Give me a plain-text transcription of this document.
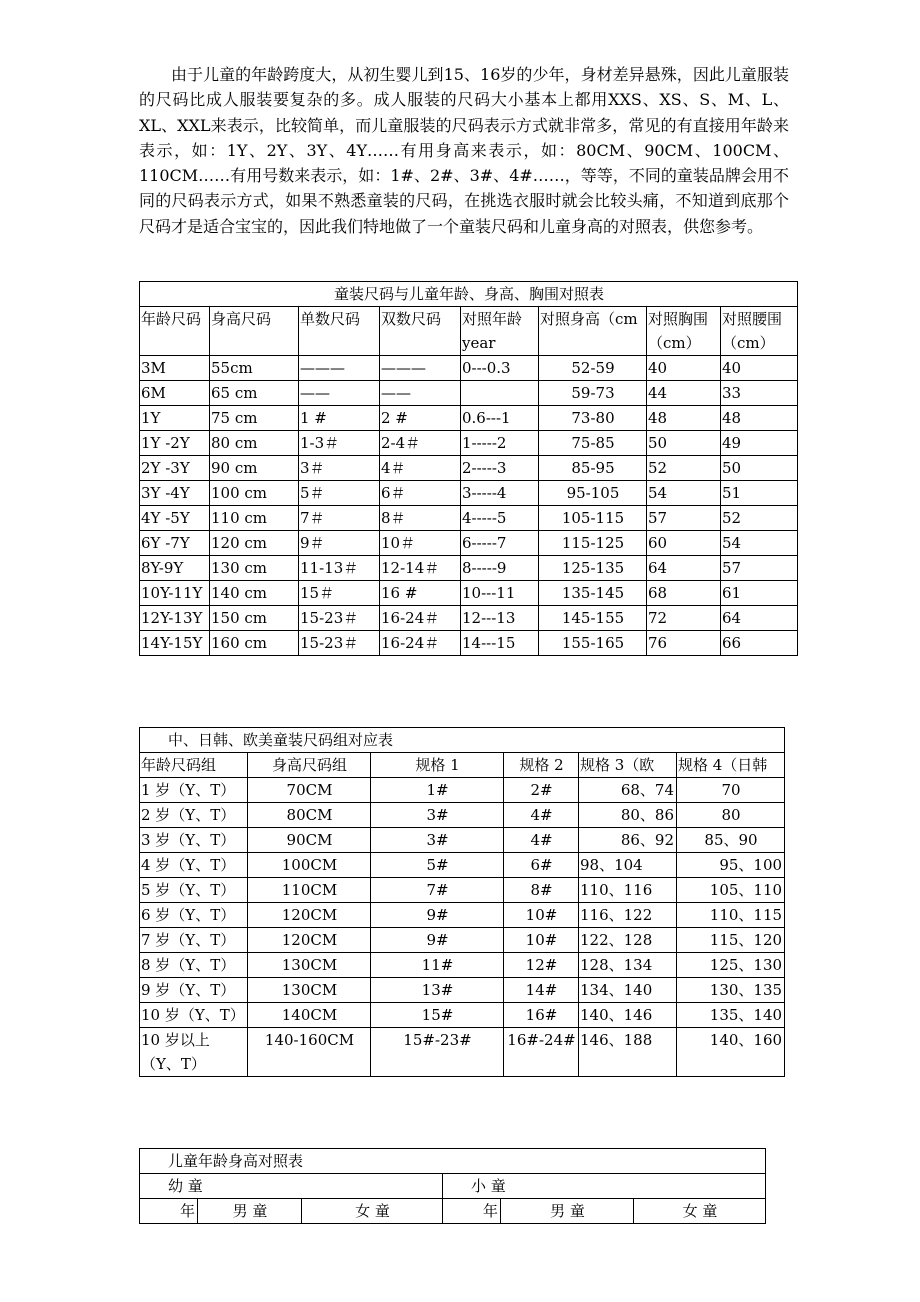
由于儿童的年龄跨度大，从初生婴儿到15、16岁的少年，身材差异悬殊，因此儿童服装的尺码比成人服装要复杂的多。成人服装的尺码大小基本上都用XXS、XS、S、M、L、XL、XXL来表示，比较简单，而儿童服装的尺码表示方式就非常多，常见的有直接用年龄来表示，如：1Y、2Y、3Y、4Y……有用身高来表示，如：80CM、90CM、100CM、110CM……有用号数来表示，如：1#、2#、3#、4#……，等等，不同的童装品牌会用不同的尺码表示方式，如果不熟悉童装的尺码，在挑选衣服时就会比较头痛，不知道到底那个尺码才是适合宝宝的，因此我们特地做了一个童装尺码和儿童身高的对照表，供您参考。

童装尺码与儿童年龄、身高、胸围对照表							
年龄尺码	身高尺码	单数尺码	双数尺码	对照年龄year	对照身高（cm	对照胸围（cm）	对照腰围（cm）
3M	55cm	———	———	0---0.3	52-59	40	40
6M	65 cm	——	——		59-73	44	33
1Y	75 cm	1 #	2 #	0.6---1	73-80	48	48
1Y -2Y	80 cm	1-3＃	2-4＃	1-----2	75-85	50	49
2Y -3Y	90 cm	3＃	4＃	2-----3	85-95	52	50
3Y -4Y	100 cm	5＃	6＃	3-----4	95-105	54	51
4Y -5Y	110 cm	7＃	8＃	4-----5	105-115	57	52
6Y -7Y	120 cm	9＃	10＃	6-----7	115-125	60	54
8Y-9Y	130 cm	11-13＃	12-14＃	8-----9	125-135	64	57
10Y-11Y	140 cm	15＃	16 #	10---11	135-145	68	61
12Y-13Y	150 cm	15-23＃	16-24＃	12---13	145-155	72	64
14Y-15Y	160 cm	15-23＃	16-24＃	14---15	155-165	76	66
中、日韩、欧美童装尺码组对应表					
年龄尺码组	身高尺码组	规格 1	规格 2	规格 3（欧	规格 4（日韩
1 岁（Y、T）	70CM	1#	2#	68、74	70
2 岁（Y、T）	80CM	3#	4#	80、86	80
3 岁（Y、T）	90CM	3#	4#	86、92	85、90
4 岁（Y、T）	100CM	5#	6#	98、104	95、100
5 岁（Y、T）	110CM	7#	8#	110、116	105、110
6 岁（Y、T）	120CM	9#	10#	116、122	110、115
7 岁（Y、T）	120CM	9#	10#	122、128	115、120
8 岁（Y、T）	130CM	11#	12#	128、134	125、130
9 岁（Y、T）	130CM	13#	14#	134、140	130、135
10 岁（Y、T）	140CM	15#	16#	140、146	135、140
10 岁以上（Y、T）	140-160CM	15#-23#	16#-24#	146、188	140、160
儿童年龄身高对照表					
幼 童			小 童		
年	男 童	女 童	年	男 童	女 童
